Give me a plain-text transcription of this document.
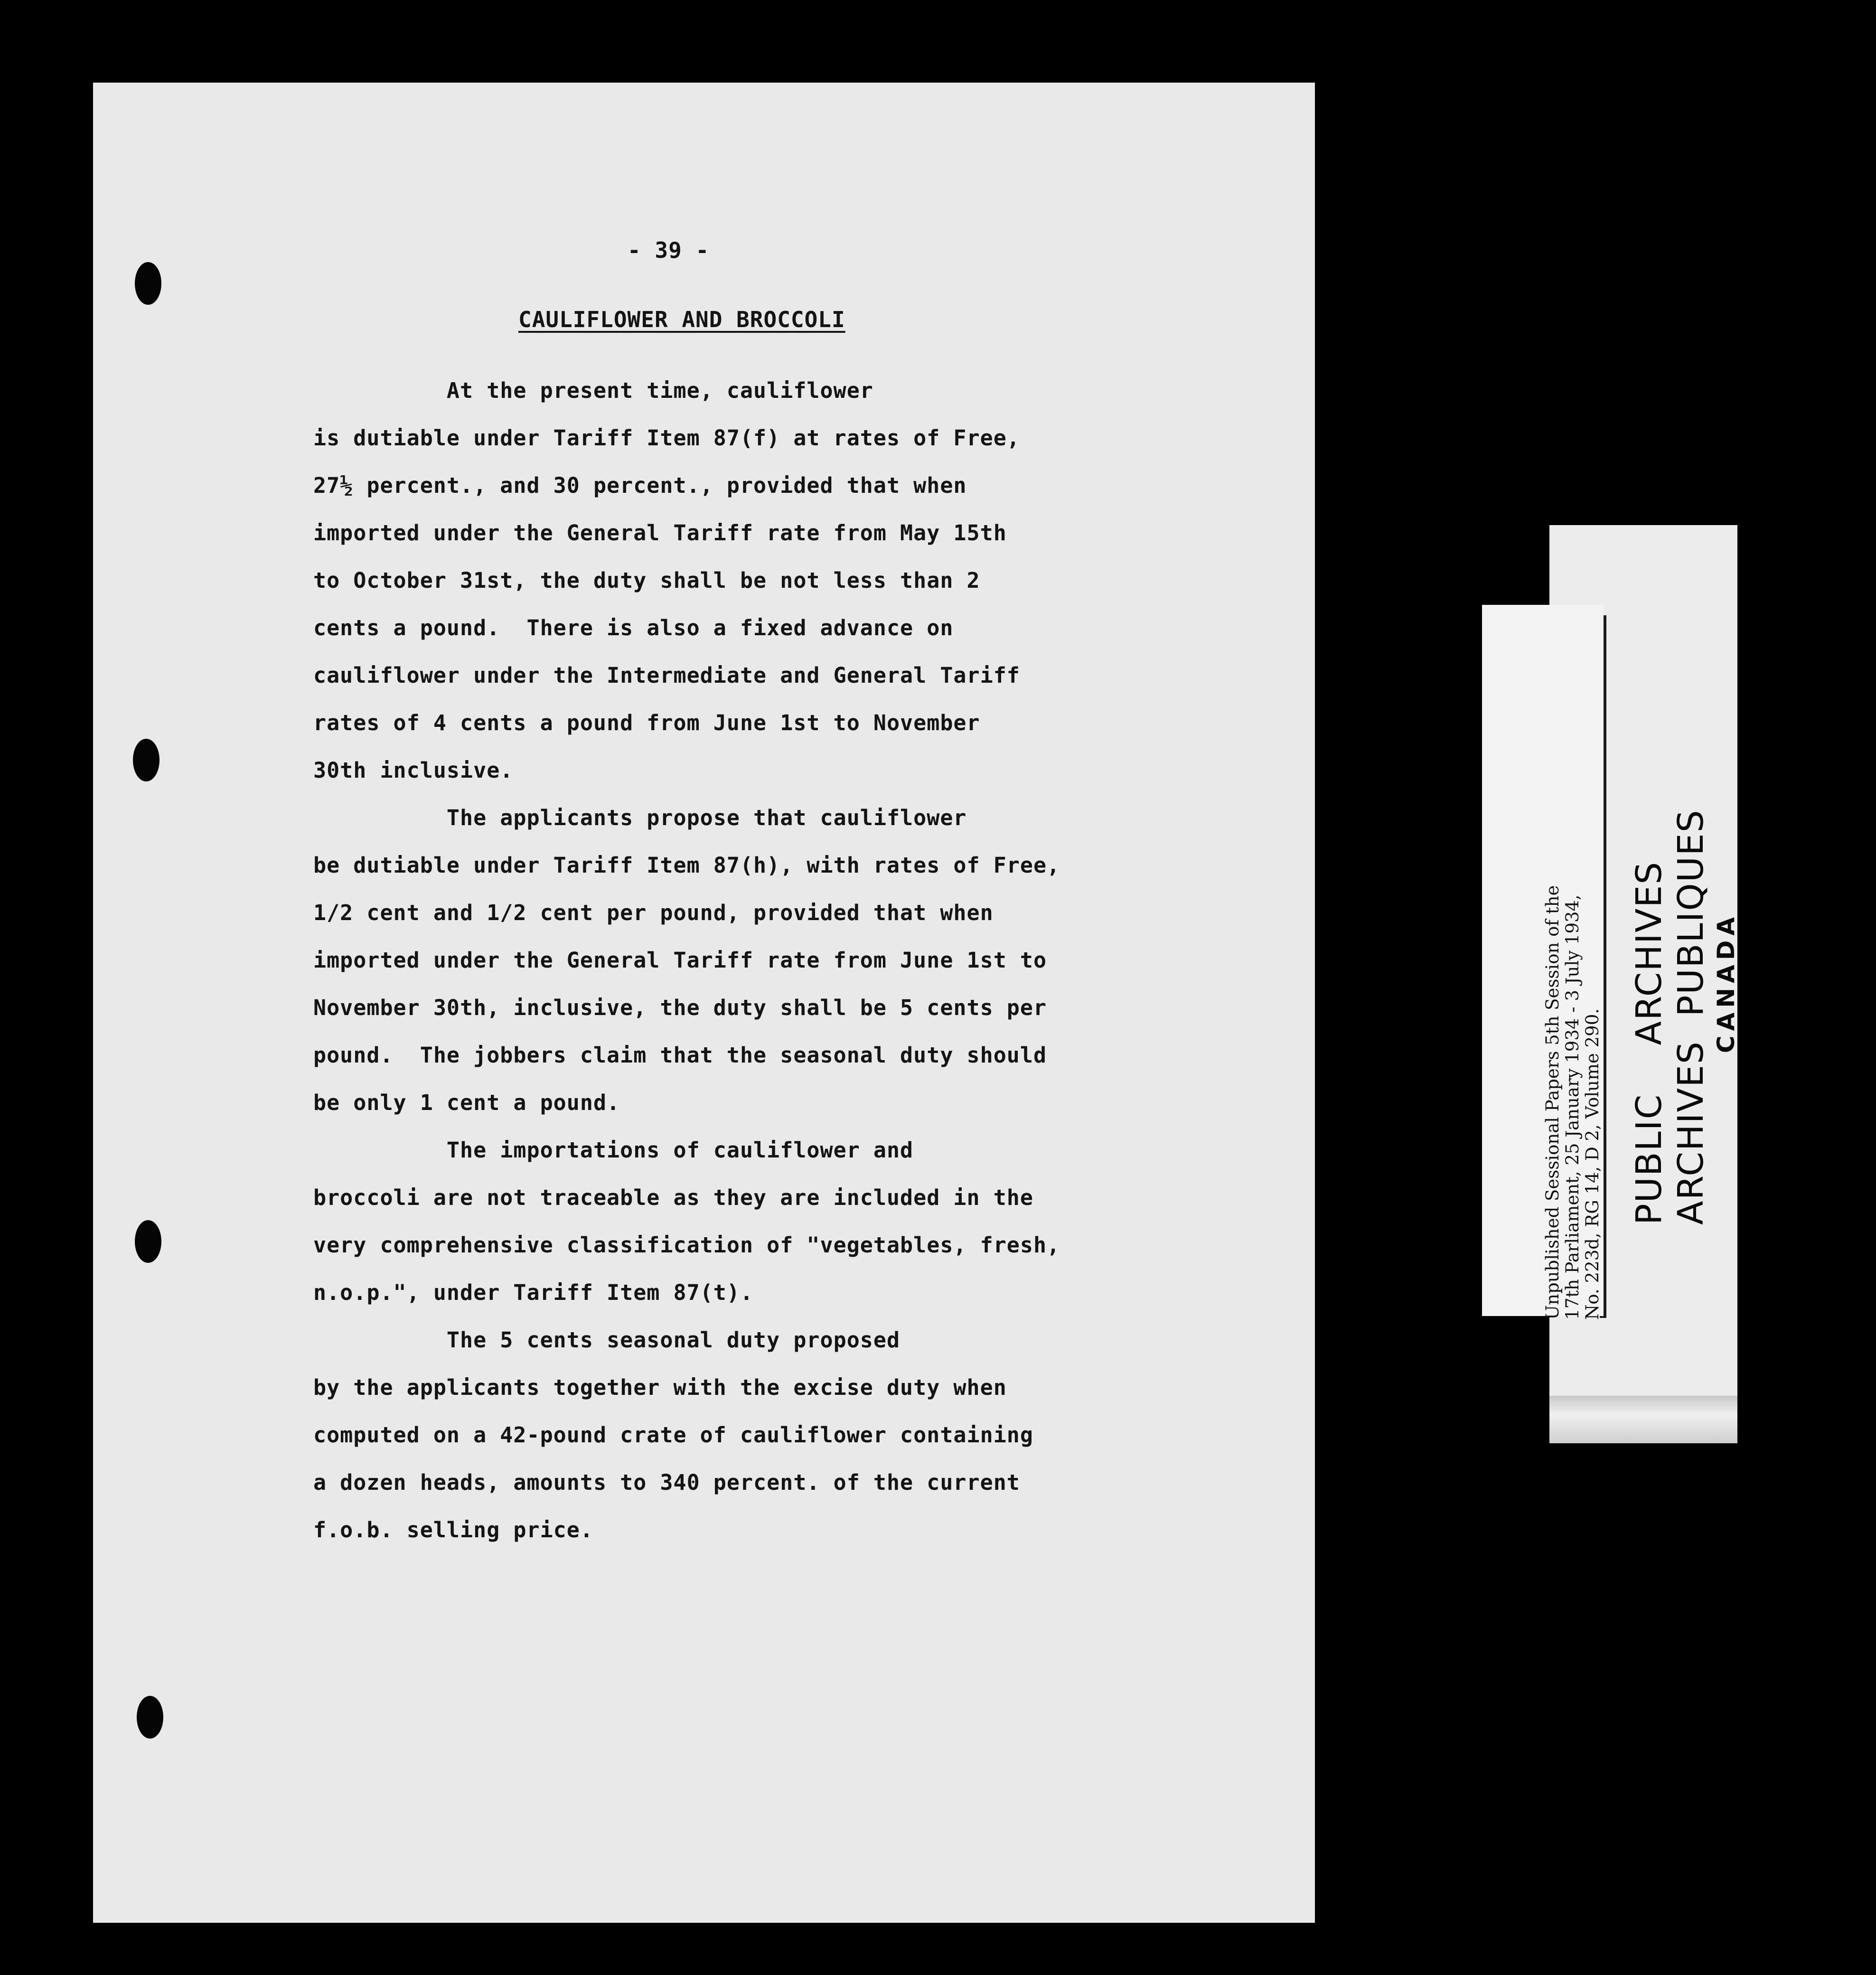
- 39 -
CAULIFLOWER AND BROCCOLI
At the present time, cauliflower
is dutiable under Tariff Item 87(f) at rates of Free,
27½ percent., and 30 percent., provided that when
imported under the General Tariff rate from May 15th
to October 31st, the duty shall be not less than 2
cents a pound.  There is also a fixed advance on
cauliflower under the Intermediate and General Tariff
rates of 4 cents a pound from June 1st to November
30th inclusive.
The applicants propose that cauliflower
be dutiable under Tariff Item 87(h), with rates of Free,
1/2 cent and 1/2 cent per pound, provided that when
imported under the General Tariff rate from June 1st to
November 30th, inclusive, the duty shall be 5 cents per
pound.  The jobbers claim that the seasonal duty should
be only 1 cent a pound.
The importations of cauliflower and
broccoli are not traceable as they are included in the
very comprehensive classification of "vegetables, fresh,
n.o.p.", under Tariff Item 87(t).
The 5 cents seasonal duty proposed
by the applicants together with the excise duty when
computed on a 42-pound crate of cauliflower containing
a dozen heads, amounts to 340 percent. of the current
f.o.b. selling price.
Unpublished Sessional Papers 5th Session of the 17th Parliament, 25 January 1934 - 3 July 1934, No. 223d, RG 14, D 2, Volume 290. PUBLIC    ARCHIVES ARCHIVES  PUBLIQUES CANADA
